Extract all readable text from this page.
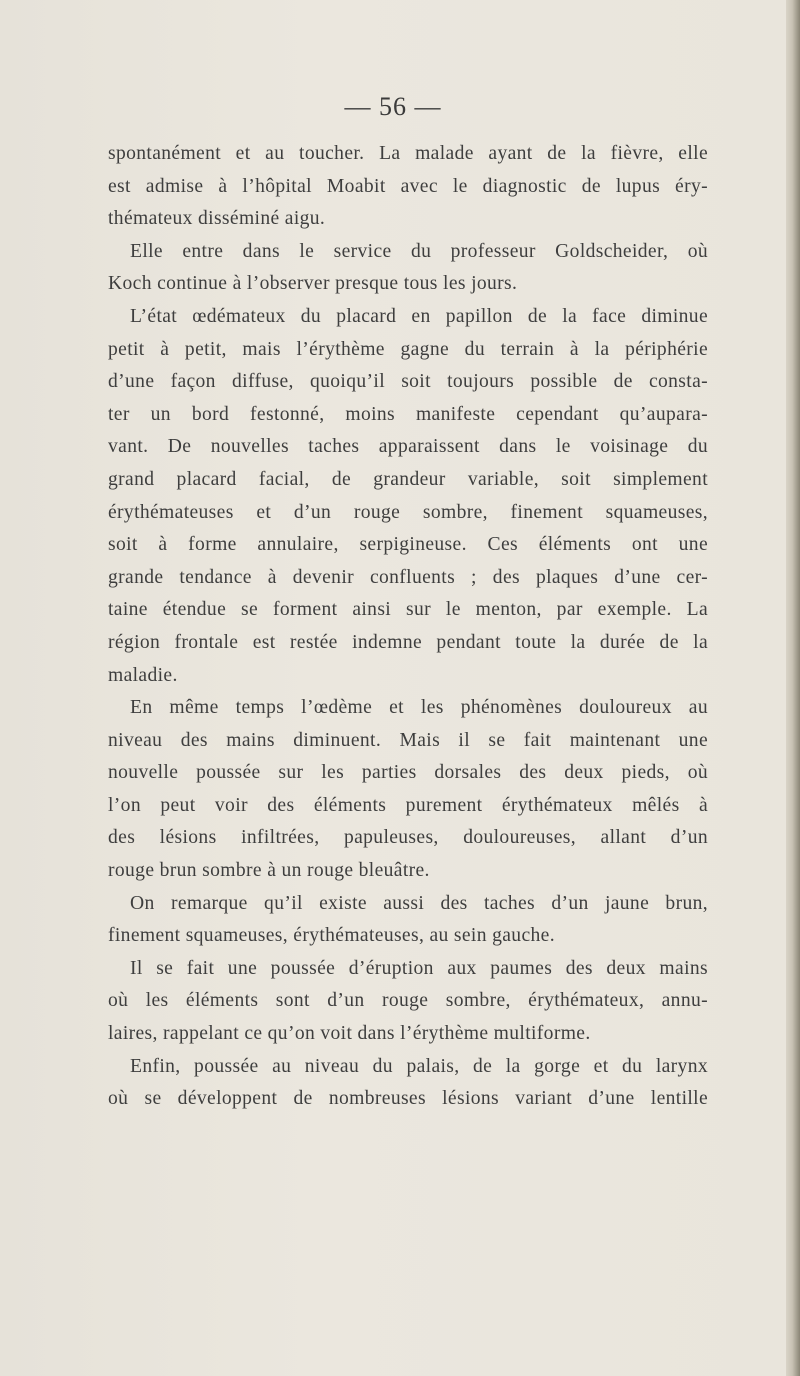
— 56 —
spontanément et au toucher. La malade ayant de la fièvre, elle
est admise à l’hôpital Moabit avec le diagnostic de lupus éry-
thémateux disséminé aigu.
Elle entre dans le service du professeur Goldscheider, où
Koch continue à l’observer presque tous les jours.
L’état œdémateux du placard en papillon de la face diminue
petit à petit, mais l’érythème gagne du terrain à la périphérie
d’une façon diffuse, quoiqu’il soit toujours possible de consta-
ter un bord festonné, moins manifeste cependant qu’aupara-
vant. De nouvelles taches apparaissent dans le voisinage du
grand placard facial, de grandeur variable, soit simplement
érythémateuses et d’un rouge sombre, finement squameuses,
soit à forme annulaire, serpigineuse. Ces éléments ont une
grande tendance à devenir confluents ; des plaques d’une cer-
taine étendue se forment ainsi sur le menton, par exemple. La
région frontale est restée indemne pendant toute la durée de la
maladie.
En même temps l’œdème et les phénomènes douloureux au
niveau des mains diminuent. Mais il se fait maintenant une
nouvelle poussée sur les parties dorsales des deux pieds, où
l’on peut voir des éléments purement érythémateux mêlés à
des lésions infiltrées, papuleuses, douloureuses, allant d’un
rouge brun sombre à un rouge bleuâtre.
On remarque qu’il existe aussi des taches d’un jaune brun,
finement squameuses, érythémateuses, au sein gauche.
Il se fait une poussée d’éruption aux paumes des deux mains
où les éléments sont d’un rouge sombre, érythémateux, annu-
laires, rappelant ce qu’on voit dans l’érythème multiforme.
Enfin, poussée au niveau du palais, de la gorge et du larynx
où se développent de nombreuses lésions variant d’une lentille
